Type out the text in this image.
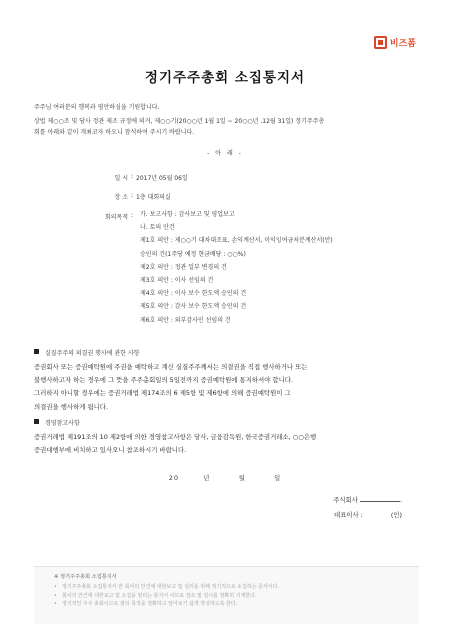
비즈폼
정기주주총회 소집통지서
주주님 여러분의 행복과 평안하심을 기원합니다.
상법 제○○조 및 당사 정관 제조 규정에 의거, 제○○기(20○○년 1월 1일 ~ 20○○년 .12월 31일) 정기주주총
회를 아래와 같이 개최코자 하오니 참석하여 주시기 바랍니다.
- 아 래 -
일 시 : 2017년 05월 06일
장 소 : 1층 대회의실
회의목적 :	가. 보고사항 : 감사보고 및 영업보고
나. 토의 안건
제1호 의안 : 제○○기 대차대조표, 손익계산서, 이익잉여금처분계산서(안)
승인의 건(1주당 예정 현금배당 : ○○%)
제2호 의안 : 정관 일부 변경의 건
제3호 의안 : 이사 선임의 건
제4호 의안 : 이사 보수 한도액 승인의 건
제5호 의안 : 감사 보수 한도액 승인의 건
제6호 의안 : 외부감사인 선임의 건
실질주주의 의결권 행사에 관한 사항
증권회사 또는 증권예탁원에 주권을 예탁하고 계신 실질주주께서는 의결권을 직접 행사하거나 또는
불행사하고자 하는 경우에 그 뜻을 주주총회일의 5일전까지 증권예탁원에 통지하셔야 합니다.
그러하지 아니할 경우에는 증권거래법 제174조의 6 제5항 및 제6항에 의해 증권예탁원이 그
의결권을 행사하게 됩니다.
경영참고사항
증권거래법 제191조의 10 제2항에 의한 경영참고사항은 당사, 금융감독원, 한국증권거래소, ○○은행
증권대행부에 비치하고 있사오니 참조하시기 바랍니다.
20	년	월	일
주식회사	.
대표이사 :	(인)
※ 정기주주총회 소집통지서
• 정기주주총회 소집통지서 란 회사의 안건에 대한보고 및 심의를 위해 정기적으로 소집하는 문서이다.
• 회사의 안건에 대한보고 및 소집을 알리는 통지서 이므로 장소 및 일시를 정확히 기재한다.
• 정기적인 주주 총회이므로 점의 목적을 정확하고 알아보기 쉽게 작성하도록 한다.
